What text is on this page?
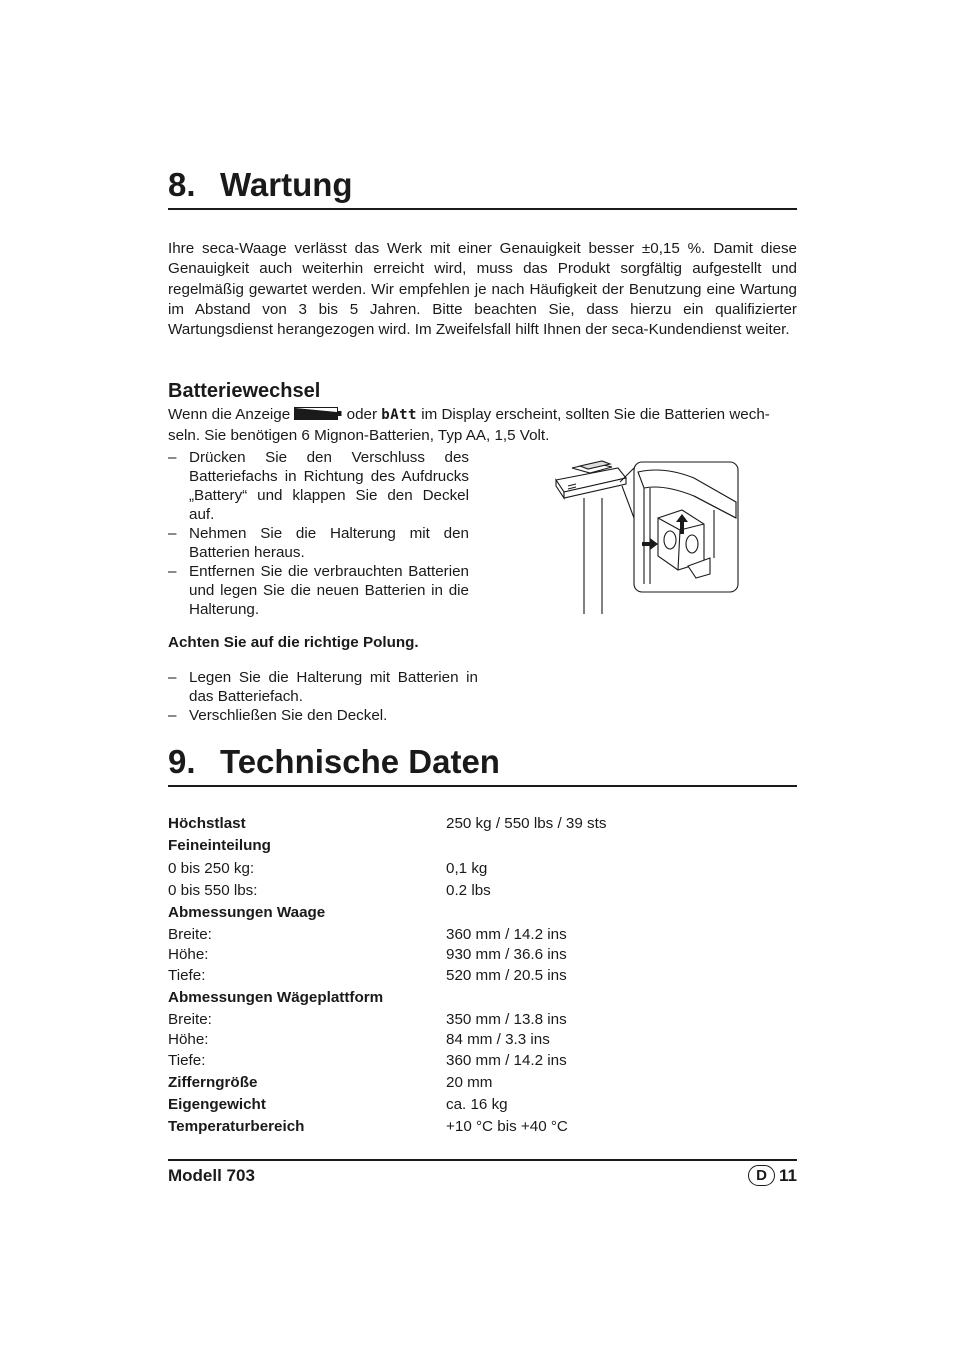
8. Wartung
Ihre seca-Waage verlässt das Werk mit einer Genauigkeit besser ±0,15 %. Damit diese Genauigkeit auch weiterhin erreicht wird, muss das Produkt sorgfältig aufgestellt und regelmäßig gewartet werden. Wir empfehlen je nach Häufigkeit der Benutzung eine Wartung im Abstand von 3 bis 5 Jahren. Bitte beachten Sie, dass hierzu ein qualifizierter Wartungsdienst herangezogen wird. Im Zweifelsfall hilft Ihnen der seca-Kundendienst weiter.
Batteriewechsel
Wenn die Anzeige	oder bAtt im Display erscheint, sollten Sie die Batterien wech-
seln. Sie benötigen 6 Mignon-Batterien, Typ AA, 1,5 Volt.
– Drücken Sie den Verschluss des Batteriefachs in Richtung des Aufdrucks „Battery“ und klappen Sie den Deckel auf.
– Nehmen Sie die Halterung mit den Batterien heraus.
– Entfernen Sie die verbrauchten Batterien und legen Sie die neuen Batterien in die Halterung.
Achten Sie auf die richtige Polung.
– Legen Sie die Halterung mit Batterien in das Batteriefach.
– Verschließen Sie den Deckel.
9. Technische Daten
Höchstlast	250 kg / 550 lbs / 39 sts
Feineinteilung	
0 bis 250 kg:	0,1 kg
0 bis 550 lbs:	0.2 lbs
Abmessungen Waage	
Breite:	360 mm / 14.2 ins
Höhe:	930 mm / 36.6 ins
Tiefe:	520 mm / 20.5 ins
Abmessungen Wägeplattform	
Breite:	350 mm / 13.8 ins
Höhe:	84 mm / 3.3 ins
Tiefe:	360 mm / 14.2 ins
Zifferngröße	20 mm
Eigengewicht	ca. 16 kg
Temperaturbereich	+10 °C bis +40 °C
Modell 703	D 11
